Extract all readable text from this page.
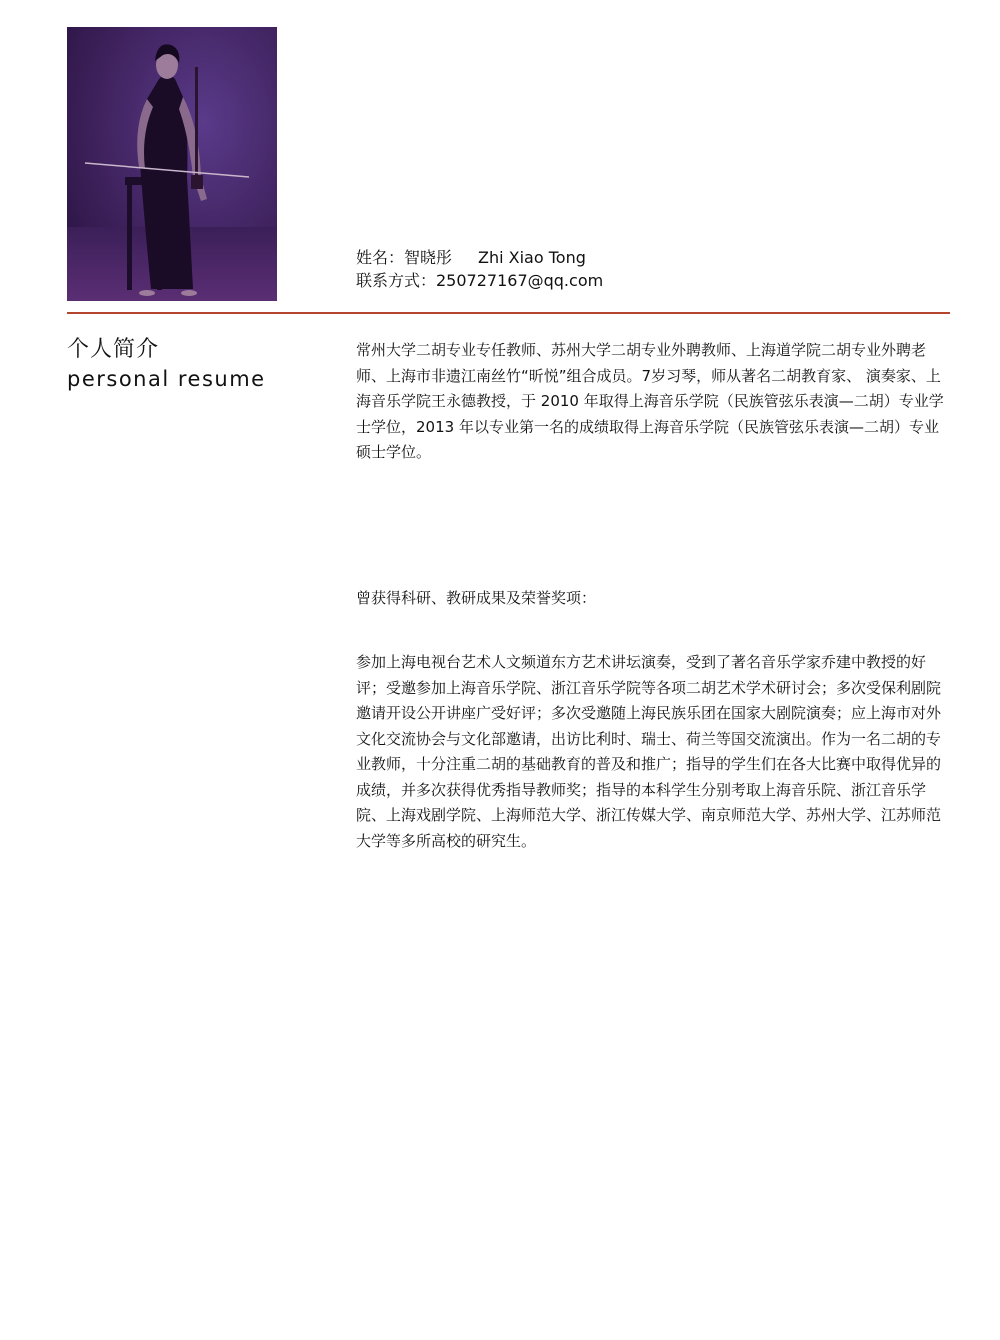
姓名：智晓彤 Zhi Xiao Tong
联系方式：250727167@qq.com
个人简介
personal resume
常州大学二胡专业专任教师、苏州大学二胡专业外聘教师、上海道学院二胡专业外聘老师、上海市非遗江南丝竹“昕悦”组合成员。7岁习琴，师从著名二胡教育家、 演奏家、上海音乐学院王永德教授，于 2010 年取得上海音乐学院（民族管弦乐表演—二胡）专业学士学位，2013 年以专业第一名的成绩取得上海音乐学院（民族管弦乐表演—二胡）专业硕士学位。
曾获得科研、教研成果及荣誉奖项：
参加上海电视台艺术人文频道东方艺术讲坛演奏，受到了著名音乐学家乔建中教授的好评；受邀参加上海音乐学院、浙江音乐学院等各项二胡艺术学术研讨会；多次受保利剧院邀请开设公开讲座广受好评；多次受邀随上海民族乐团在国家大剧院演奏；应上海市对外文化交流协会与文化部邀请，出访比利时、瑞士、荷兰等国交流演出。作为一名二胡的专业教师，十分注重二胡的基础教育的普及和推广；指导的学生们在各大比赛中取得优异的成绩，并多次获得优秀指导教师奖；指导的本科学生分别考取上海音乐院、浙江音乐学院、上海戏剧学院、上海师范大学、浙江传媒大学、南京师范大学、苏州大学、江苏师范大学等多所高校的研究生。
